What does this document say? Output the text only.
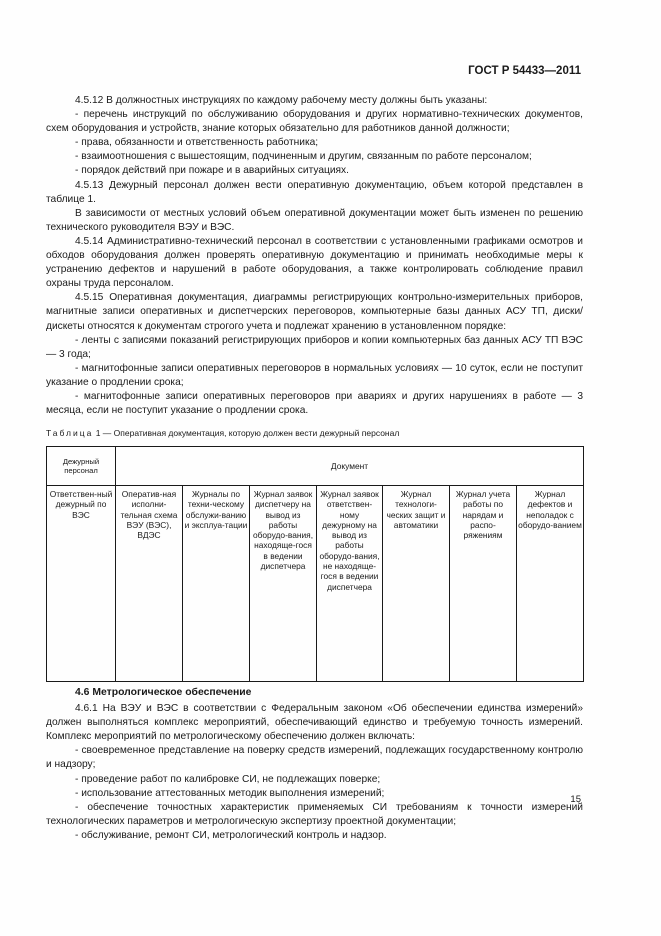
ГОСТ Р 54433—2011

4.5.12 В должностных инструкциях по каждому рабочему месту должны быть указаны:

- перечень инструкций по обслуживанию оборудования и других нормативно-технических документов, схем оборудования и устройств, знание которых обязательно для работников данной должности;

- права, обязанности и ответственность работника;

- взаимоотношения с вышестоящим, подчиненным и другим, связанным по работе персоналом;

- порядок действий при пожаре и в аварийных ситуациях.

4.5.13 Дежурный персонал должен вести оперативную документацию, объем которой представлен в таблице 1.

В зависимости от местных условий объем оперативной документации может быть изменен по решению технического руководителя ВЭУ и ВЭС.

4.5.14 Административно-технический персонал в соответствии с установленными графиками осмотров и обходов оборудования должен проверять оперативную документацию и принимать необходимые меры к устранению дефектов и нарушений в работе оборудования, а также контролировать соблюдение правил охраны труда персоналом.

4.5.15 Оперативная документация, диаграммы регистрирующих контрольно-измерительных приборов, магнитные записи оперативных и диспетчерских переговоров, компьютерные базы данных АСУ ТП, диски/дискеты относятся к документам строгого учета и подлежат хранению в установленном порядке:

- ленты с записями показаний регистрирующих приборов и копии компьютерных баз данных АСУ ТП ВЭС — 3 года;

- магнитофонные записи оперативных переговоров в нормальных условиях — 10 суток, если не поступит указание о продлении срока;

- магнитофонные записи оперативных переговоров при авариях и других нарушениях в работе — 3 месяца, если не поступит указание о продлении срока.

Таблица 1 — Оперативная документация, которую должен вести дежурный персонал
Дежурный персонал	Документ						
Ответствен-ный дежурный по ВЭС	Оператив-ная исполни-тельная схема ВЭУ (ВЭС), ВДЭС	Журналы по техни-ческому обслужи-ванию и эксплуа-тации	Журнал заявок диспетчеру на вывод из работы оборудо-вания, находяще-гося в ведении диспетчера	Журнал заявок ответствен-ному дежурному на вывод из работы оборудо-вания, не находяще-гося в ведении диспетчера	Журнал технологи-ческих защит и автоматики	Журнал учета работы по нарядам и распо-ряжениям	Журнал дефектов и неполадок с оборудо-ванием
4.6 Метрологическое обеспечение

4.6.1 На ВЭУ и ВЭС в соответствии с Федеральным законом «Об обеспечении единства измерений» должен выполняться комплекс мероприятий, обеспечивающий единство и требуемую точность измерений. Комплекс мероприятий по метрологическому обеспечению должен включать:

- своевременное представление на поверку средств измерений, подлежащих государственному контролю и надзору;

- проведение работ по калибровке СИ, не подлежащих поверке;

- использование аттестованных методик выполнения измерений;

- обеспечение точностных характеристик применяемых СИ требованиям к точности измерений технологических параметров и метрологическую экспертизу проектной документации;

- обслуживание, ремонт СИ, метрологический контроль и надзор.

15
